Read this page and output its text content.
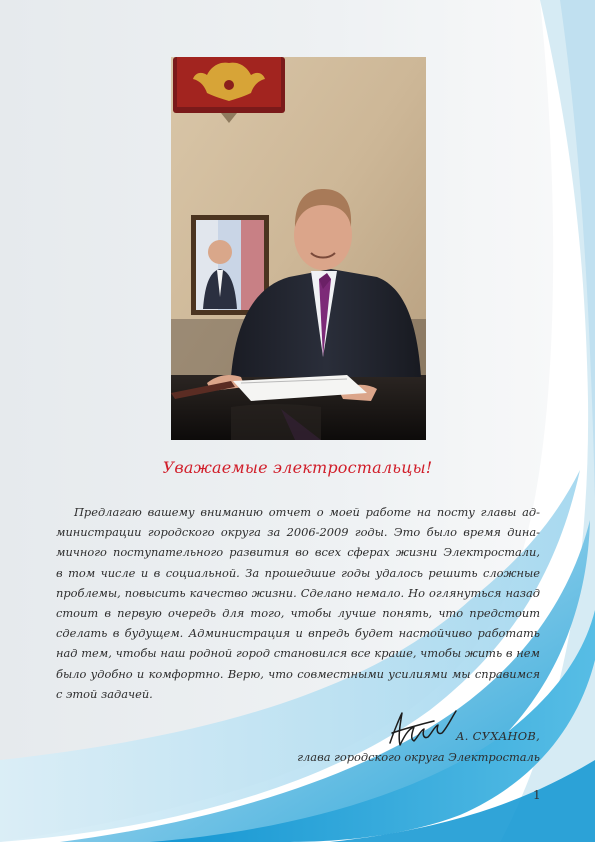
Уважаемые электростальцы!
Предлагаю вашему вниманию отчет о моей работе на посту главы ад-
министрации городского округа за 2006-2009 годы. Это было время дина-
мичного поступательного развития во всех сферах жизни Электростали,
в том числе и в социальной. За прошедшие годы удалось решить сложные
проблемы, повысить качество жизни. Сделано немало. Но оглянуться назад
стоит в первую очередь для того, чтобы лучше понять, что предстоит
сделать в будущем. Администрация и впредь будет настойчиво работать
над тем, чтобы наш родной город становился все краше, чтобы жить в нем
было удобно и комфортно. Верю, что совместными усилиями мы справимся
с этой задачей.
А. СУХАНОВ,
глава городского округа Электросталь
1
